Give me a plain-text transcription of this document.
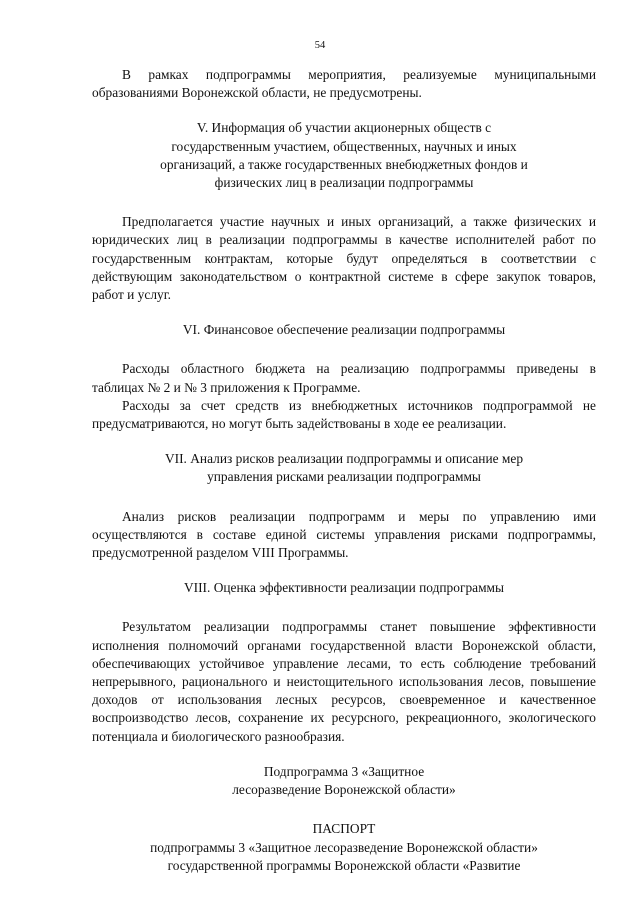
54

В рамках подпрограммы мероприятия, реализуемые муниципальными образованиями Воронежской области, не предусмотрены.

V. Информация об участии акционерных обществ с
государственным участием, общественных, научных и иных
организаций, а также государственных внебюджетных фондов и
физических лиц в реализации подпрограммы

Предполагается участие научных и иных организаций, а также физических и юридических лиц в реализации подпрограммы в качестве исполнителей работ по государственным контрактам, которые будут определяться в соответствии с действующим законодательством о контрактной системе в сфере закупок товаров, работ и услуг.

VI. Финансовое обеспечение реализации подпрограммы

Расходы областного бюджета на реализацию подпрограммы приведены в таблицах № 2 и № 3 приложения к Программе.

Расходы за счет средств из внебюджетных источников подпрограммой не предусматриваются, но могут быть задействованы в ходе ее реализации.

VII. Анализ рисков реализации подпрограммы и описание мер
управления рисками реализации подпрограммы

Анализ рисков реализации подпрограмм и меры по управлению ими осуществляются в составе единой системы управления рисками подпрограммы, предусмотренной разделом VIII Программы.

VIII. Оценка эффективности реализации подпрограммы

Результатом реализации подпрограммы станет повышение эффективности исполнения полномочий органами государственной власти Воронежской области, обеспечивающих устойчивое управление лесами, то есть соблюдение требований непрерывного, рационального и неистощительного использования лесов, повышение доходов от использования лесных ресурсов, своевременное и качественное воспроизводство лесов, сохранение их ресурсного, рекреационного, экологического потенциала и биологического разнообразия.

Подпрограмма 3 «Защитное
лесоразведение Воронежской области»
ПАСПОРТ
подпрограммы 3 «Защитное лесоразведение Воронежской области»
государственной программы Воронежской области «Развитие
